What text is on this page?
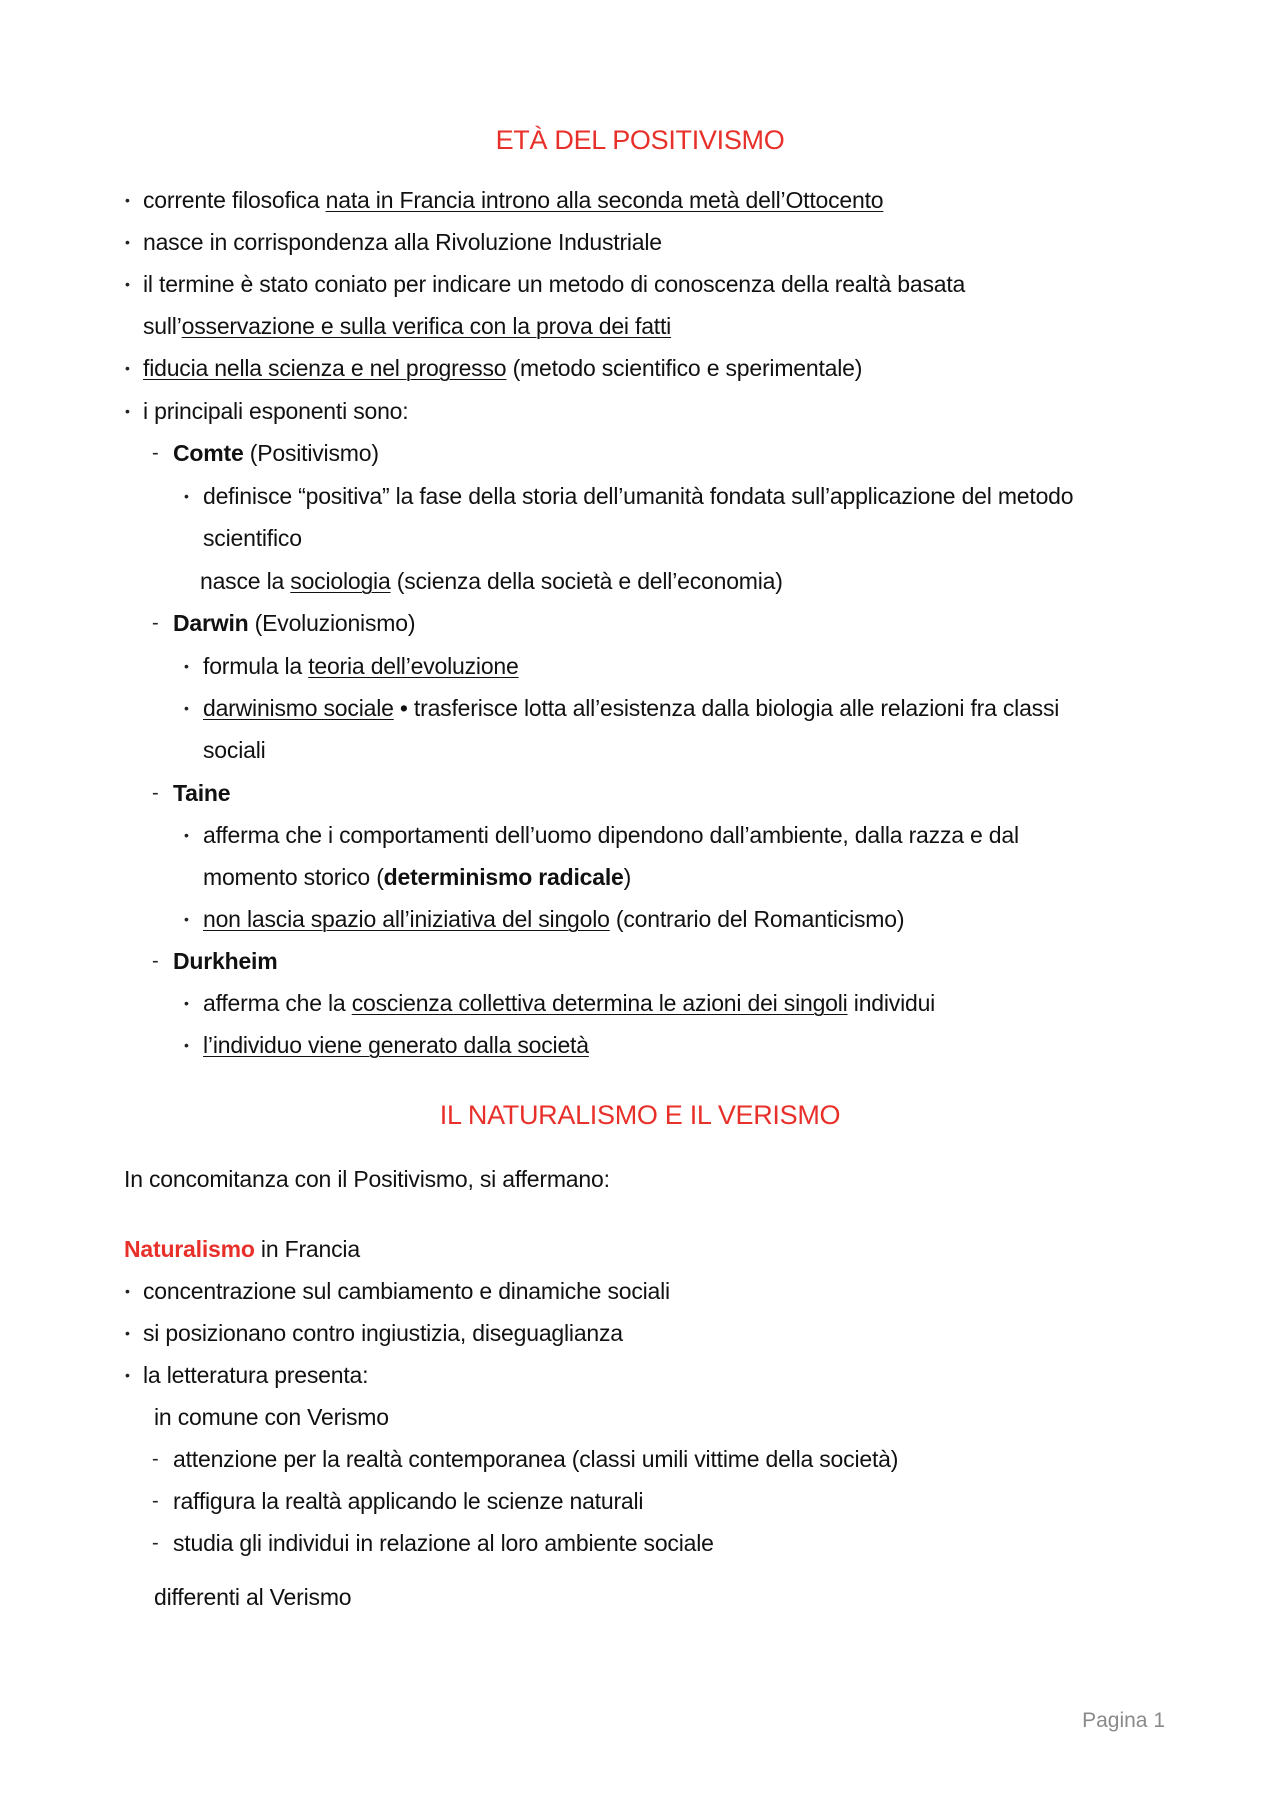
ETÀ DEL POSITIVISMO
• corrente filosofica nata in Francia introno alla seconda metà dell’Ottocento
• nasce in corrispondenza alla Rivoluzione Industriale
• il termine è stato coniato per indicare un metodo di conoscenza della realtà basata
sull’osservazione e sulla verifica con la prova dei fatti
• fiducia nella scienza e nel progresso (metodo scientifico e sperimentale)
• i principali esponenti sono:
- Comte (Positivismo)
• definisce “positiva” la fase della storia dell’umanità fondata sull’applicazione del metodo
scientifico
nasce la sociologia (scienza della società e dell’economia)
- Darwin (Evoluzionismo)
• formula la teoria dell’evoluzione
• darwinismo sociale • trasferisce lotta all’esistenza dalla biologia alle relazioni fra classi
sociali
- Taine
• afferma che i comportamenti dell’uomo dipendono dall’ambiente, dalla razza e dal
momento storico (determinismo radicale)
• non lascia spazio all’iniziativa del singolo (contrario del Romanticismo)
- Durkheim
• afferma che la coscienza collettiva determina le azioni dei singoli individui
• l’individuo viene generato dalla società
IL NATURALISMO E IL VERISMO
In concomitanza con il Positivismo, si affermano:
Naturalismo in Francia
• concentrazione sul cambiamento e dinamiche sociali
• si posizionano contro ingiustizia, diseguaglianza
• la letteratura presenta:
in comune con Verismo
- attenzione per la realtà contemporanea (classi umili vittime della società)
- raffigura la realtà applicando le scienze naturali
- studia gli individui in relazione al loro ambiente sociale
differenti al Verismo
Pagina 1
